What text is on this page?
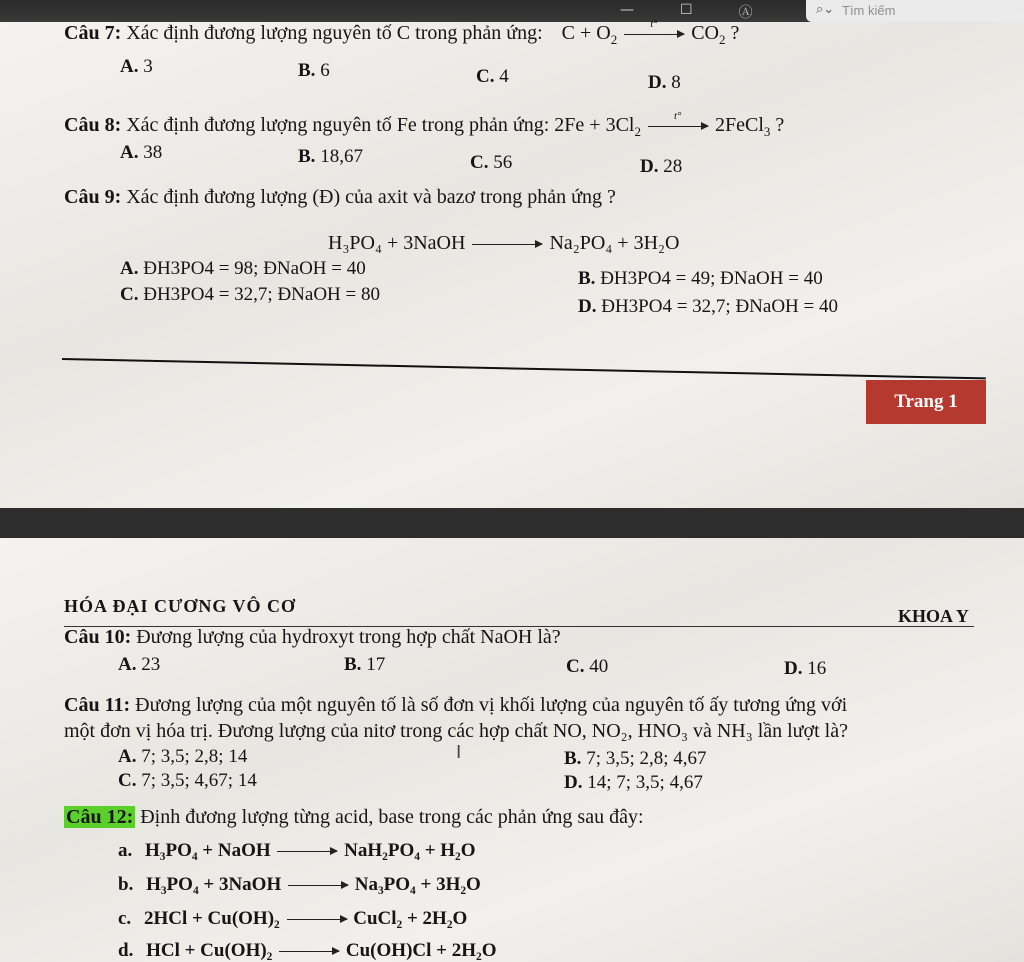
—	☐	Ⓐ	⌕⌄ Tìm kiếm
Câu 7: Xác định đương lượng nguyên tố C trong phản ứng: $C + O_2$
t° $CO_2$ ?
A. 3	B. 6	C. 4	D. 8
Câu 8: Xác định đương lượng nguyên tố Fe trong phản ứng: $2Fe + 3Cl_2$
t° 2FeCl$_3$ ?
A. 38	B. 18,67	C. 56	D. 28
Câu 9: Xác định đương lượng (Đ) của axit và bazơ trong phản ứng ?
H₃PO₄ + 3NaOH → Na₂PO₄ + 3H₂O
A. ĐH3PO4 = 98; ĐNaOH = 40	B. ĐH3PO4 = 49; ĐNaOH = 40
C. ĐH3PO4 = 32,7; ĐNaOH = 80
D. ĐH3PO4 = 32,7; ĐNaOH = 40
Trang 1
HÓA ĐẠI CƯƠNG VÔ CƠ	KHOA Y
Câu 10: Đương lượng của hydroxyt trong hợp chất NaOH là?
A. 23	B. 17	C. 40	D. 16
Câu 11: Đương lượng của một nguyên tố là số đơn vị khối lượng của nguyên tố ấy tương ứng với
một đơn vị hóa trị. Đương lượng của nitơ trong các hợp chất NO, NO₂, HNO₃ và NH₃ lần lượt là?
A. 7; 3,5; 2,8; 14	B. 7; 3,5; 2,8; 4,67
C. 7; 3,5; 4,67; 14	D. 14; 7; 3,5; 4,67
I
Câu 12: Định đương lượng từng acid, base trong các phản ứng sau đây:
a. H₃PO₄ + NaOH → NaH₂PO₄ + H₂O
b. H₃PO₄ + 3NaOH → Na₃PO₄ + 3H₂O
c. 2HCl + Cu(OH)₂ → CuCl₂ + 2H₂O
d. HCl + Cu(OH)₂ → Cu(OH)Cl + 2H₂O
